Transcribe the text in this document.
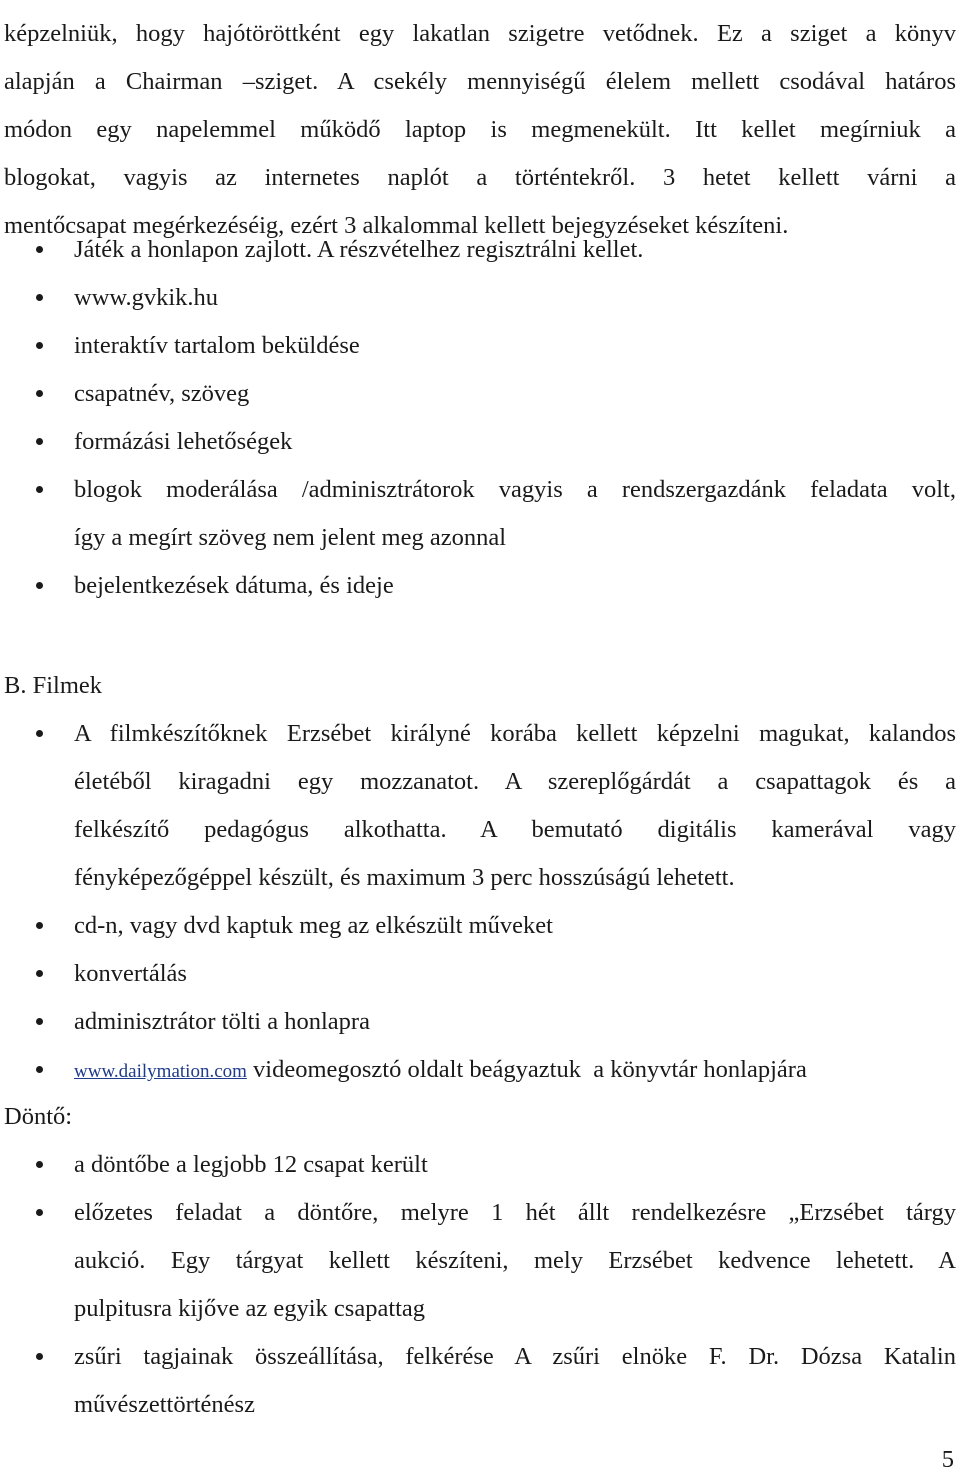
képzelniük, hogy hajótöröttként egy lakatlan szigetre vetődnek. Ez a sziget a könyv
alapján a Chairman –sziget. A csekély mennyiségű élelem mellett csodával határos
módon egy napelemmel működő laptop is megmenekült. Itt kellet megírniuk a
blogokat, vagyis az internetes naplót a történtekről. 3 hetet kellett várni a
mentőcsapat megérkezéséig, ezért 3 alkalommal kellett bejegyzéseket készíteni.
Játék a honlapon zajlott. A részvételhez regisztrálni kellet.
www.gvkik.hu
interaktív tartalom beküldése
csapatnév, szöveg
formázási lehetőségek
blogok moderálása /adminisztrátorok vagyis a rendszergazdánk feladata volt,
így a megírt szöveg nem jelent meg azonnal
bejelentkezések dátuma, és ideje
B. Filmek
A filmkészítőknek Erzsébet királyné korába kellett képzelni magukat, kalandos
életéből kiragadni egy mozzanatot. A szereplőgárdát a csapattagok és a
felkészítő pedagógus alkothatta. A bemutató digitális kamerával vagy
fényképezőgéppel készült, és maximum 3 perc hosszúságú lehetett.
cd-n, vagy dvd kaptuk meg az elkészült műveket
konvertálás
adminisztrátor tölti a honlapra
www.dailymation.com videomegosztó oldalt beágyaztuk  a könyvtár honlapjára
Döntő:
a döntőbe a legjobb 12 csapat került
előzetes feladat a döntőre, melyre 1 hét állt rendelkezésre „Erzsébet tárgy
aukció. Egy tárgyat kellett készíteni, mely Erzsébet kedvence lehetett. A
pulpitusra kijőve az egyik csapattag
zsűri tagjainak összeállítása, felkérése A zsűri elnöke F. Dr. Dózsa Katalin
művészettörténész
5
